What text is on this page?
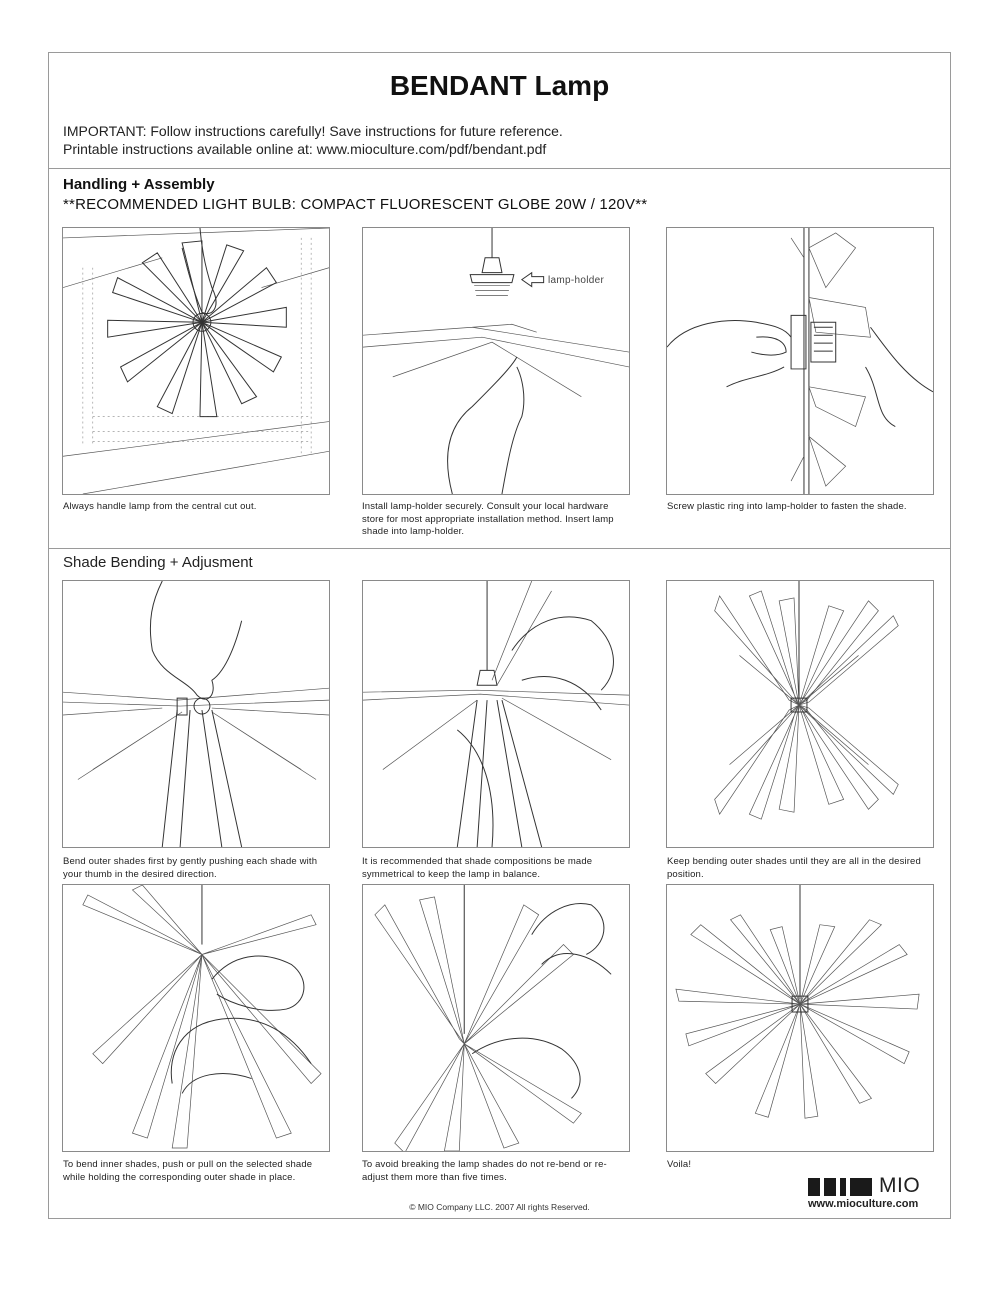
BENDANT Lamp
IMPORTANT: Follow instructions carefully! Save instructions for future reference.
Printable instructions available online at: www.mioculture.com/pdf/bendant.pdf
Handling + Assembly
**RECOMMENDED LIGHT BULB: COMPACT FLUORESCENT GLOBE 20W / 120V**
Always handle lamp from the central cut out.
lamp-holder
Install lamp-holder securely. Consult your local hardware store for most appropriate installation method. Insert lamp shade into lamp-holder.
Screw plastic ring into lamp-holder to fasten the shade.
Shade Bending + Adjusment
Bend outer shades first by gently pushing each shade with your thumb in the desired direction.
It is recommended that shade compositions be made symmetrical to keep the lamp in balance.
Keep bending outer shades until they are all in the desired position.
To bend inner shades, push or pull on the selected shade while holding the corresponding outer shade in place.
To avoid breaking the lamp shades do not re-bend or re-adjust them more than five times.
Voila!
© MIO Company LLC. 2007 All rights Reserved.
MIO
www.mioculture.com
